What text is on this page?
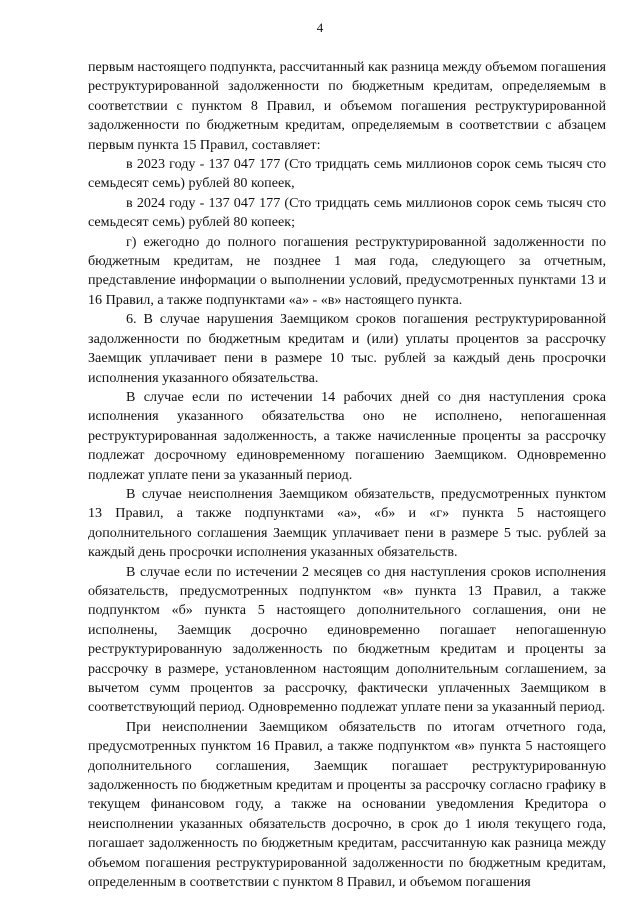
4

первым настоящего подпункта, рассчитанный как разница между объемом погашения реструктурированной задолженности по бюджетным кредитам, определяемым в соответствии с пунктом 8 Правил, и объемом погашения реструктурированной задолженности по бюджетным кредитам, определяемым в соответствии с абзацем первым пункта 15 Правил, составляет:

в 2023 году - 137 047 177 (Сто тридцать семь миллионов сорок семь тысяч сто семьдесят семь) рублей 80 копеек,

в 2024 году - 137 047 177 (Сто тридцать семь миллионов сорок семь тысяч сто семьдесят семь) рублей 80 копеек;

г) ежегодно до полного погашения реструктурированной задолженности по бюджетным кредитам, не позднее 1 мая года, следующего за отчетным, представление информации о выполнении условий, предусмотренных пунктами 13 и 16 Правил, а также подпунктами «а» - «в» настоящего пункта.

6. В случае нарушения Заемщиком сроков погашения реструктурированной задолженности по бюджетным кредитам и (или) уплаты процентов за рассрочку Заемщик уплачивает пени в размере 10 тыс. рублей за каждый день просрочки исполнения указанного обязательства.

В случае если по истечении 14 рабочих дней со дня наступления срока исполнения указанного обязательства оно не исполнено, непогашенная реструктурированная задолженность, а также начисленные проценты за рассрочку подлежат досрочному единовременному погашению Заемщиком. Одновременно подлежат уплате пени за указанный период.

В случае неисполнения Заемщиком обязательств, предусмотренных пунктом 13 Правил, а также подпунктами «а», «б» и «г» пункта 5 настоящего дополнительного соглашения Заемщик уплачивает пени в размере 5 тыс. рублей за каждый день просрочки исполнения указанных обязательств.

В случае если по истечении 2 месяцев со дня наступления сроков исполнения обязательств, предусмотренных подпунктом «в» пункта 13 Правил, а также подпунктом «б» пункта 5 настоящего дополнительного соглашения, они не исполнены, Заемщик досрочно единовременно погашает непогашенную реструктурированную задолженность по бюджетным кредитам и проценты за рассрочку в размере, установленном настоящим дополнительным соглашением, за вычетом сумм процентов за рассрочку, фактически уплаченных Заемщиком в соответствующий период. Одновременно подлежат уплате пени за указанный период.

При неисполнении Заемщиком обязательств по итогам отчетного года, предусмотренных пунктом 16 Правил, а также подпунктом «в» пункта 5 настоящего дополнительного соглашения, Заемщик погашает реструктурированную задолженность по бюджетным кредитам и проценты за рассрочку согласно графику в текущем финансовом году, а также на основании уведомления Кредитора о неисполнении указанных обязательств досрочно, в срок до 1 июля текущего года, погашает задолженность по бюджетным кредитам, рассчитанную как разница между объемом погашения реструктурированной задолженности по бюджетным кредитам, определенным в соответствии с пунктом 8 Правил, и объемом погашения
